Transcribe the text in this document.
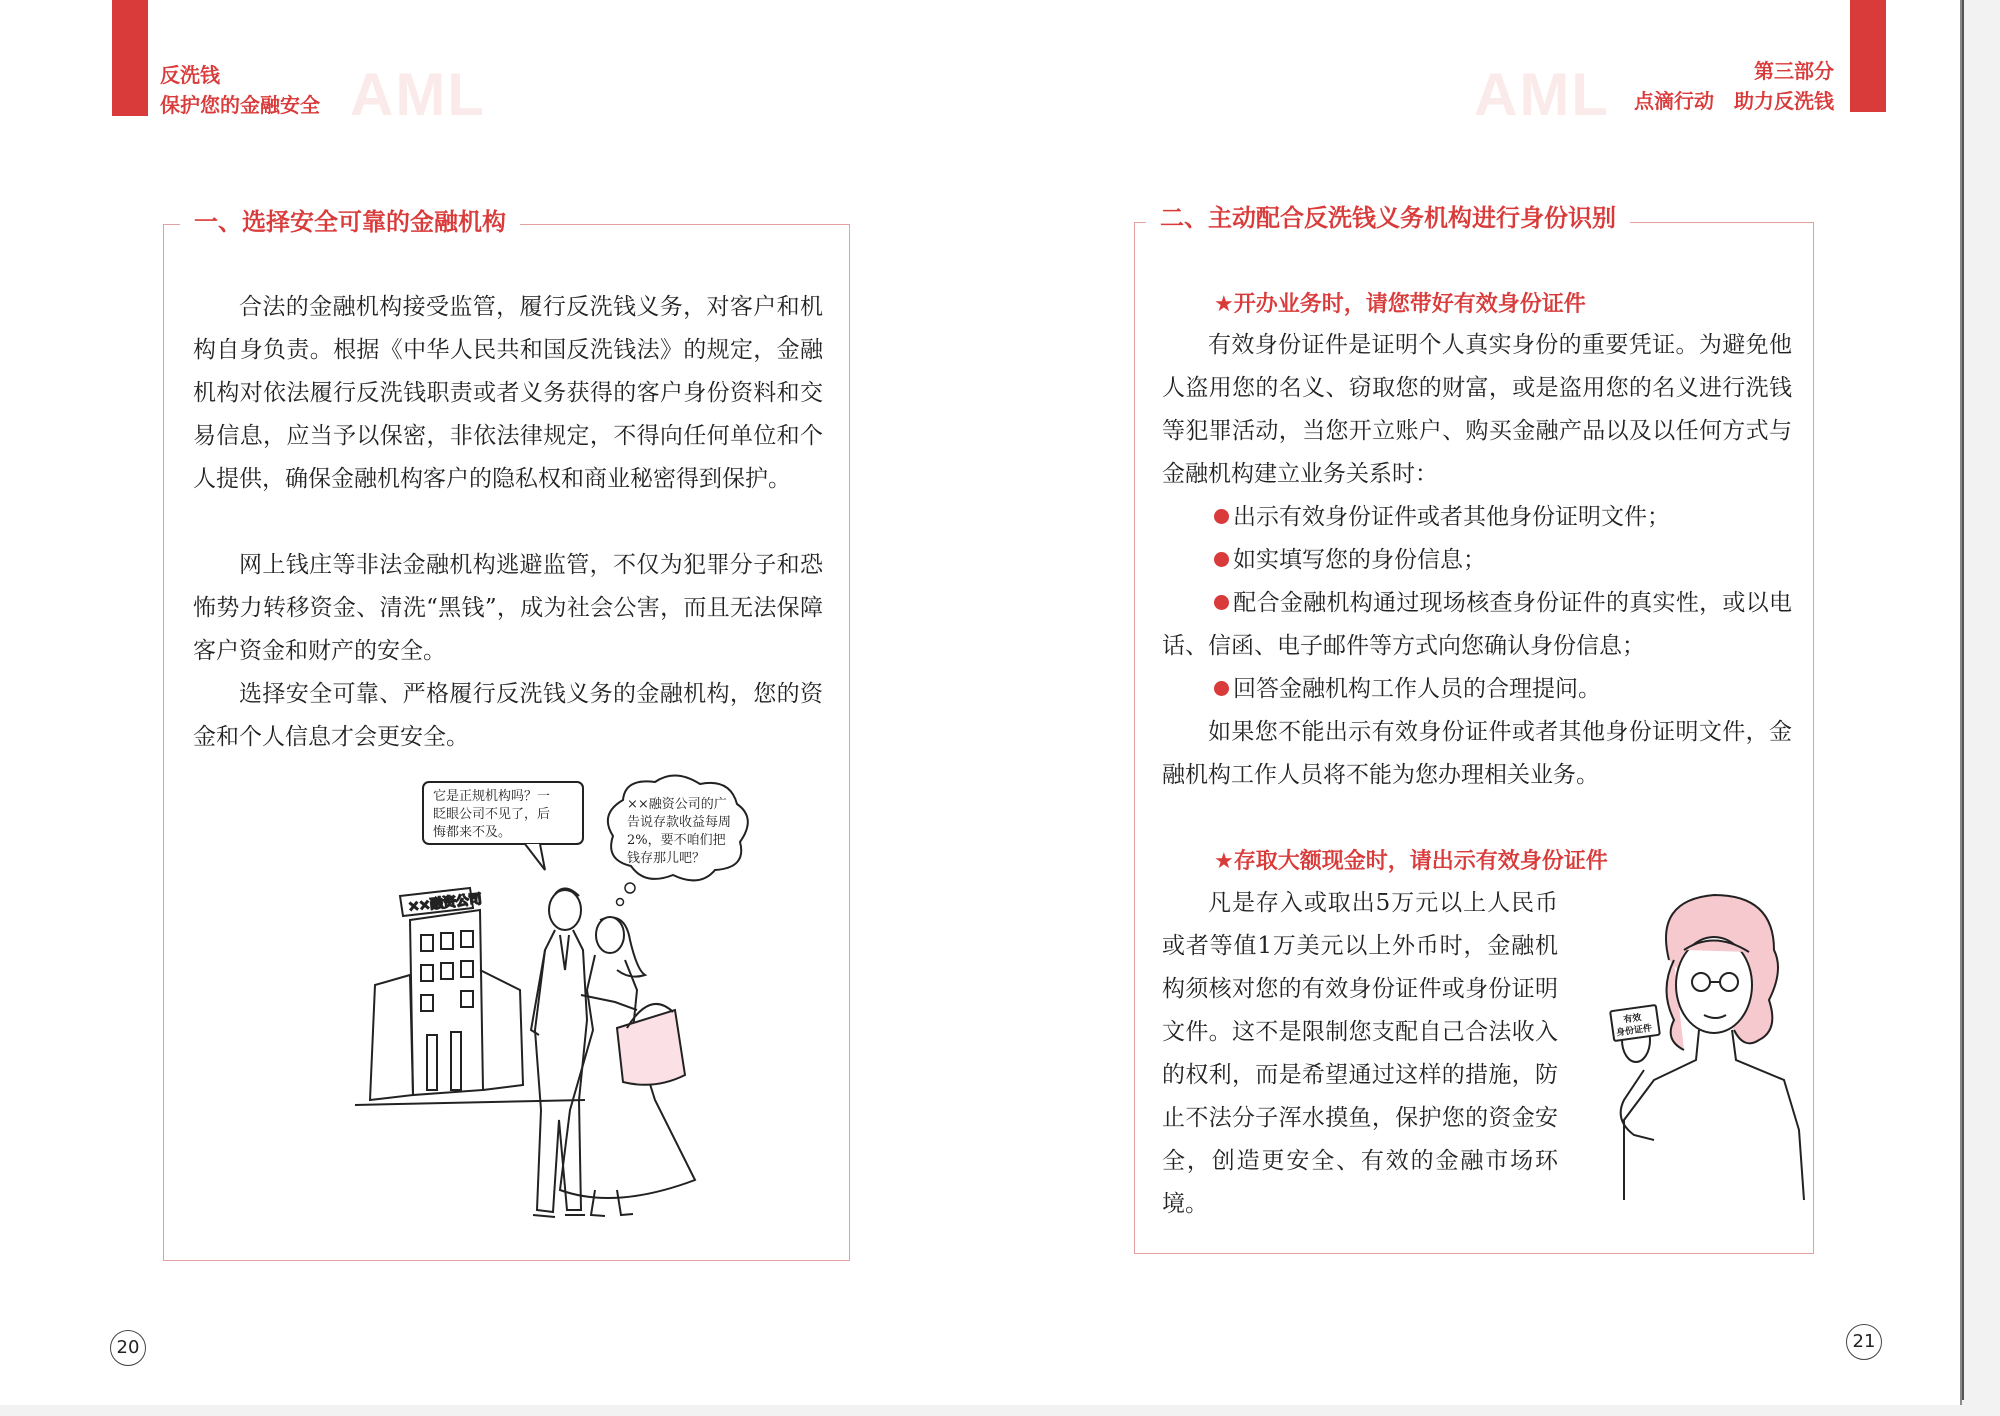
AML
反洗钱
保护您的金融安全
一、选择安全可靠的金融机构

合法的金融机构接受监管，履行反洗钱义务，对客户和机构自身负责。根据《中华人民共和国反洗钱法》的规定，金融机构对依法履行反洗钱职责或者义务获得的客户身份资料和交易信息，应当予以保密，非依法律规定，不得向任何单位和个人提供，确保金融机构客户的隐私权和商业秘密得到保护。

网上钱庄等非法金融机构逃避监管，不仅为犯罪分子和恐怖势力转移资金、清洗“黑钱”，成为社会公害，而且无法保障客户资金和财产的安全。

选择安全可靠、严格履行反洗钱义务的金融机构，您的资金和个人信息才会更安全。

它是正规机构吗？一
眨眼公司不见了，后
悔都来不及。
××融资公司的广
告说存款收益每周
2%，要不咱们把
钱存那儿吧？
××融资公司
20
AML	第三部分
点滴行动　助力反洗钱
二、主动配合反洗钱义务机构进行身份识别
★开办业务时，请您带好有效身份证件

有效身份证件是证明个人真实身份的重要凭证。为避免他人盗用您的名义、窃取您的财富，或是盗用您的名义进行洗钱等犯罪活动，当您开立账户、购买金融产品以及以任何方式与金融机构建立业务关系时：

出示有效身份证件或者其他身份证明文件；

如实填写您的身份信息；

配合金融机构通过现场核查身份证件的真实性，或以电话、信函、电子邮件等方式向您确认身份信息；

回答金融机构工作人员的合理提问。

如果您不能出示有效身份证件或者其他身份证明文件，金融机构工作人员将不能为您办理相关业务。

★存取大额现金时，请出示有效身份证件

凡是存入或取出5万元以上人民币或者等值1万美元以上外币时，金融机构须核对您的有效身份证件或身份证明文件。这不是限制您支配自己合法收入的权利，而是希望通过这样的措施，防止不法分子浑水摸鱼，保护您的资金安全，创造更安全、有效的金融市场环境。

有效
身份证件
21
